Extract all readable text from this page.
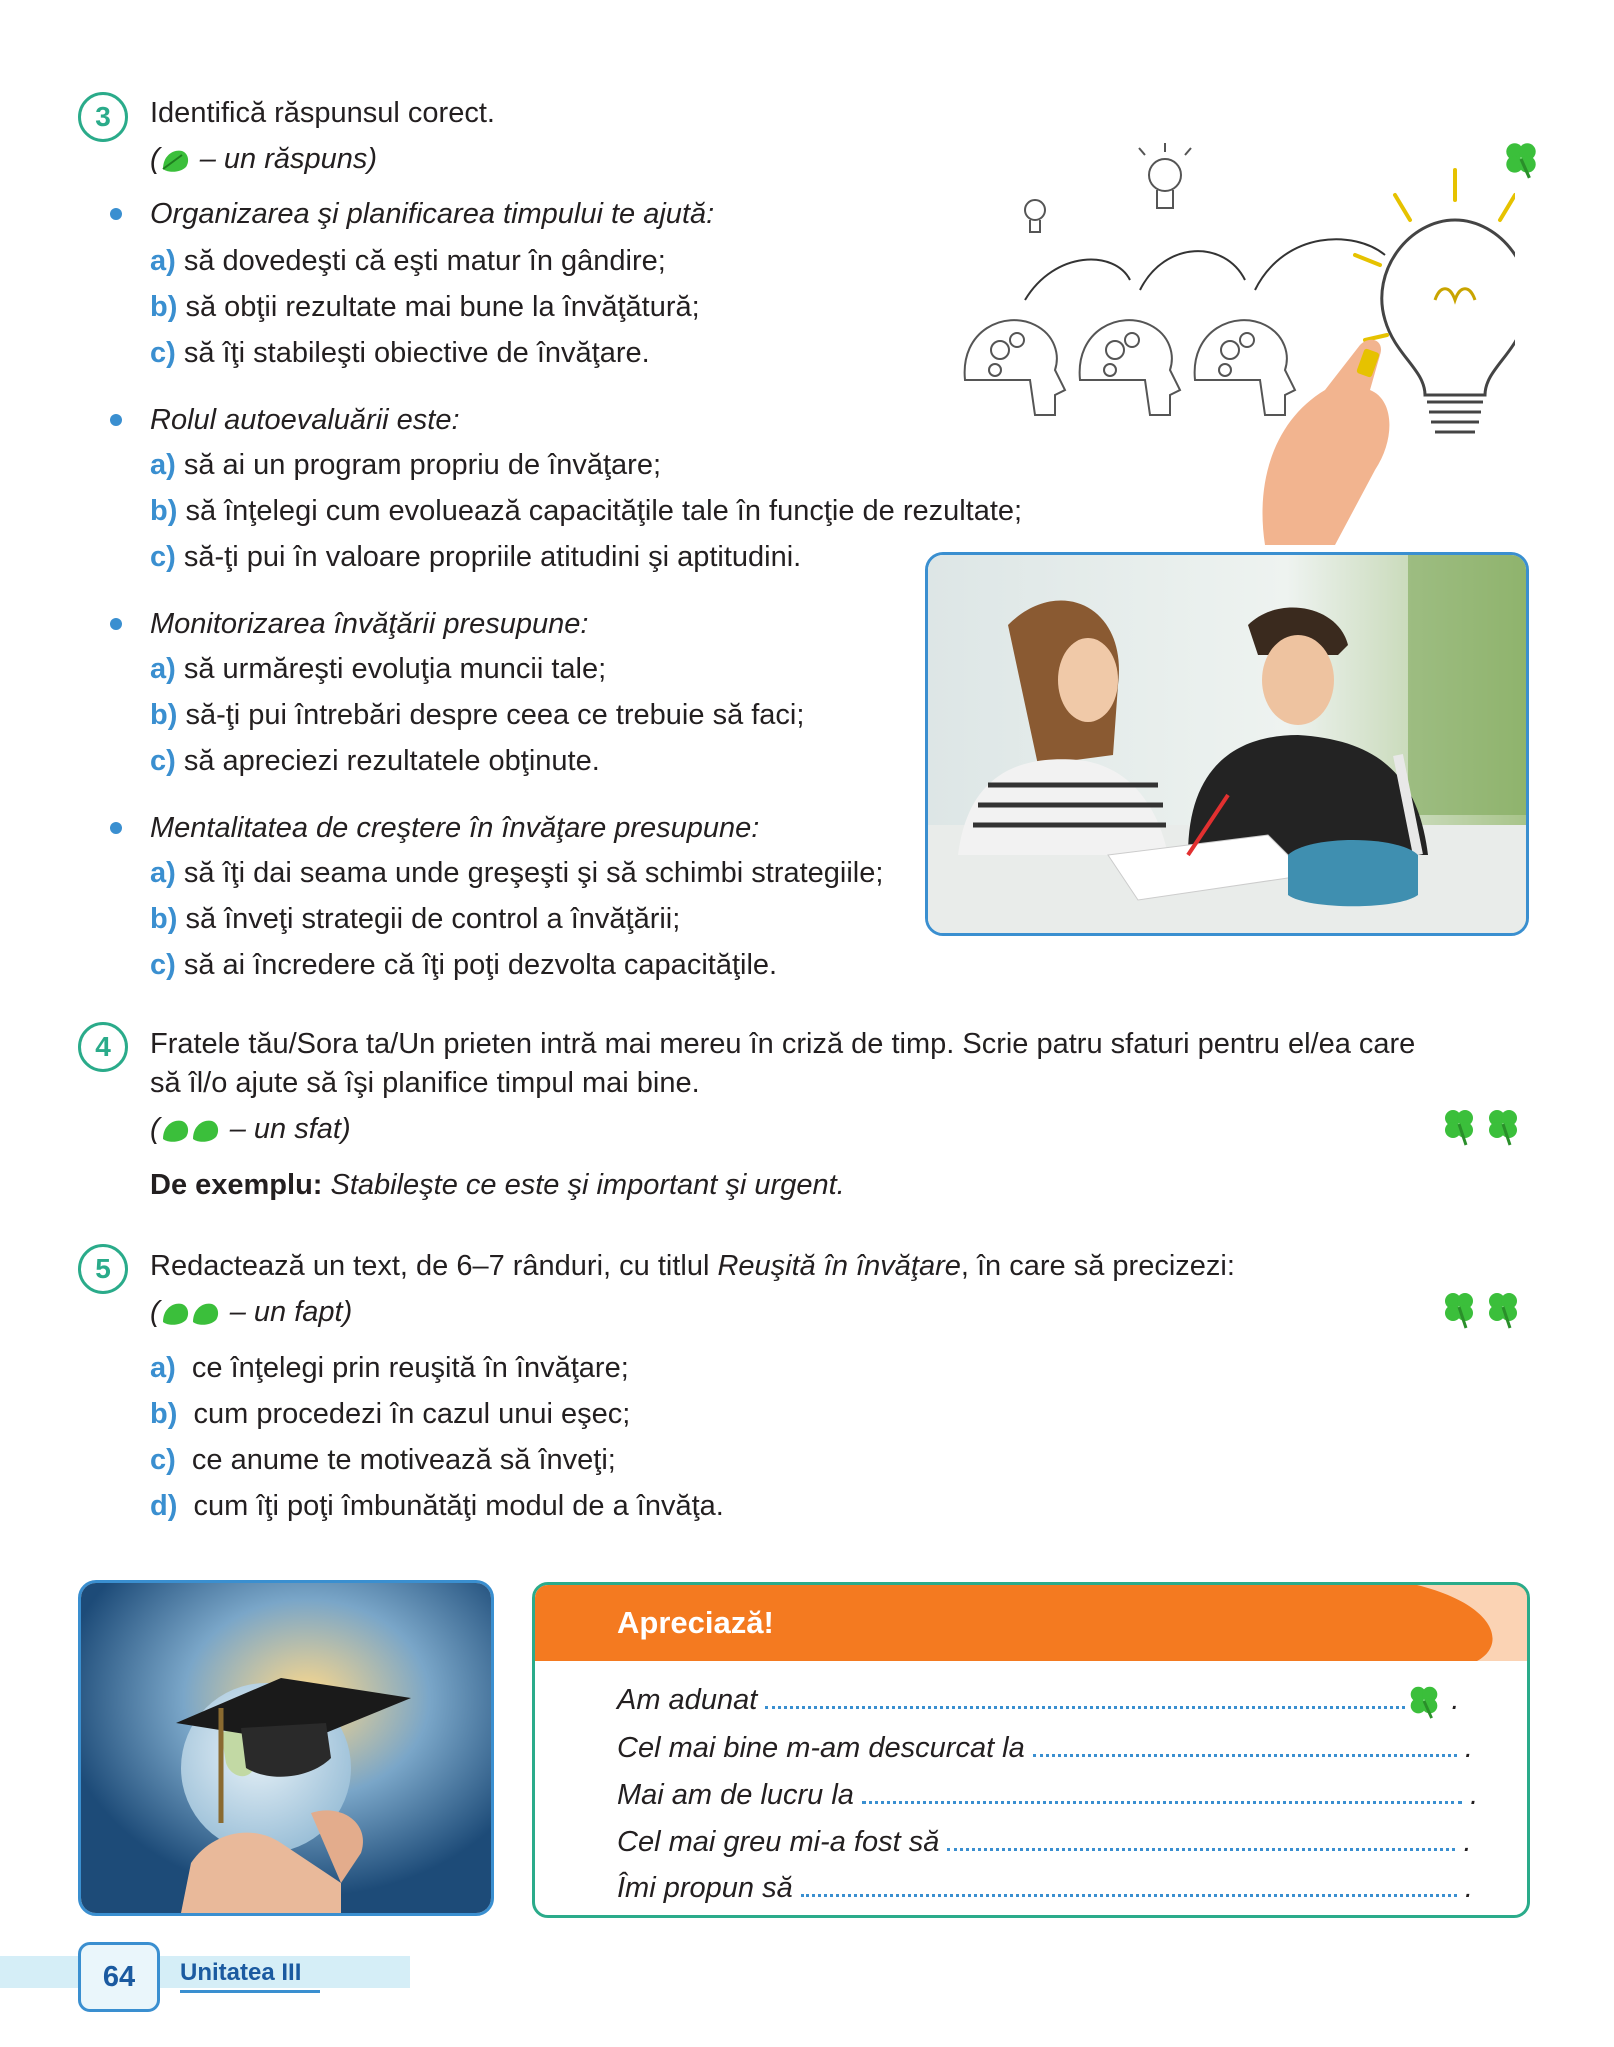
3	Identifică răspunsul corect.
( – un răspuns)
Organizarea şi planificarea timpului te ajută:
a) să dovedeşti că eşti matur în gândire;
b) să obţii rezultate mai bune la învăţătură;
c) să îţi stabileşti obiective de învăţare.
Rolul autoevaluării este:
a) să ai un program propriu de învăţare;
b) să înţelegi cum evoluează capacităţile tale în funcţie de rezultate;
c) să-ţi pui în valoare propriile atitudini şi aptitudini.
Monitorizarea învăţării presupune:
a) să urmăreşti evoluţia muncii tale;
b) să-ţi pui întrebări despre ceea ce trebuie să faci;
c) să apreciezi rezultatele obţinute.
Mentalitatea de creştere în învăţare presupune:
a) să îţi dai seama unde greşeşti şi să schimbi strategiile;
b) să înveţi strategii de control a învăţării;
c) să ai încredere că îţi poţi dezvolta capacităţile.
4	Fratele tău/Sora ta/Un prieten intră mai mereu în criză de timp. Scrie patru sfaturi pentru el/ea care
să îl/o ajute să îşi planifice timpul mai bine.
( – un sfat)
De exemplu: Stabileşte ce este şi important şi urgent.
5	Redactează un text, de 6–7 rânduri, cu titlul Reuşită în învăţare, în care să precizezi:
( – un fapt)
a) ce înţelegi prin reuşită în învăţare;
b) cum procedezi în cazul unui eşec;
c) ce anume te motivează să înveţi;
d) cum îţi poţi îmbunătăţi modul de a învăţa.
Apreciază!
Am adunat	.
Cel mai bine m-am descurcat la	.
Mai am de lucru la	.
Cel mai greu mi-a fost să	.
Îmi propun să	.
64	Unitatea III
